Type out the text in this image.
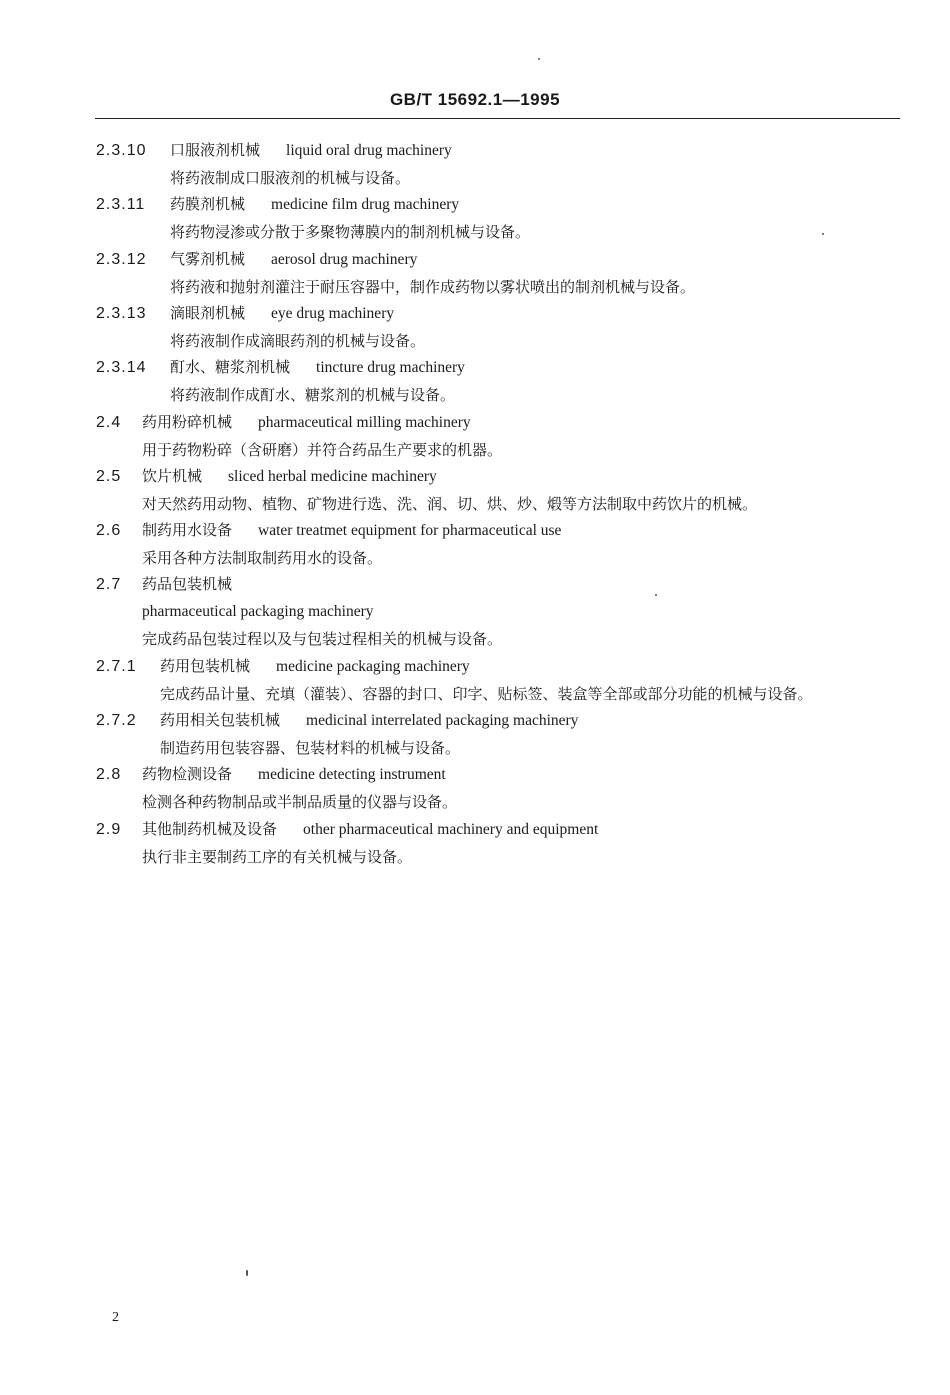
GB/T 15692.1—1995
2.3.10 口服液剂机械 liquid oral drug machinery
将药液制成口服液剂的机械与设备。
2.3.11 药膜剂机械 medicine film drug machinery
将药物浸渗或分散于多聚物薄膜内的制剂机械与设备。
2.3.12 气雾剂机械 aerosol drug machinery
将药液和抛射剂灌注于耐压容器中，制作成药物以雾状喷出的制剂机械与设备。
2.3.13 滴眼剂机械 eye drug machinery
将药液制作成滴眼药剂的机械与设备。
2.3.14 酊水、糖浆剂机械 tincture drug machinery
将药液制作成酊水、糖浆剂的机械与设备。
2.4 药用粉碎机械 pharmaceutical milling machinery
用于药物粉碎（含研磨）并符合药品生产要求的机器。
2.5 饮片机械 sliced herbal medicine machinery
对天然药用动物、植物、矿物进行选、洗、润、切、烘、炒、煅等方法制取中药饮片的机械。
2.6 制药用水设备 water treatmet equipment for pharmaceutical use
采用各种方法制取制药用水的设备。
2.7 药品包装机械
pharmaceutical packaging machinery
完成药品包装过程以及与包装过程相关的机械与设备。
2.7.1 药用包装机械 medicine packaging machinery
完成药品计量、充填（灌装）、容器的封口、印字、贴标签、装盒等全部或部分功能的机械与设备。
2.7.2 药用相关包装机械 medicinal interrelated packaging machinery
制造药用包装容器、包装材料的机械与设备。
2.8 药物检测设备 medicine detecting instrument
检测各种药物制品或半制品质量的仪器与设备。
2.9 其他制药机械及设备 other pharmaceutical machinery and equipment
执行非主要制药工序的有关机械与设备。
2
